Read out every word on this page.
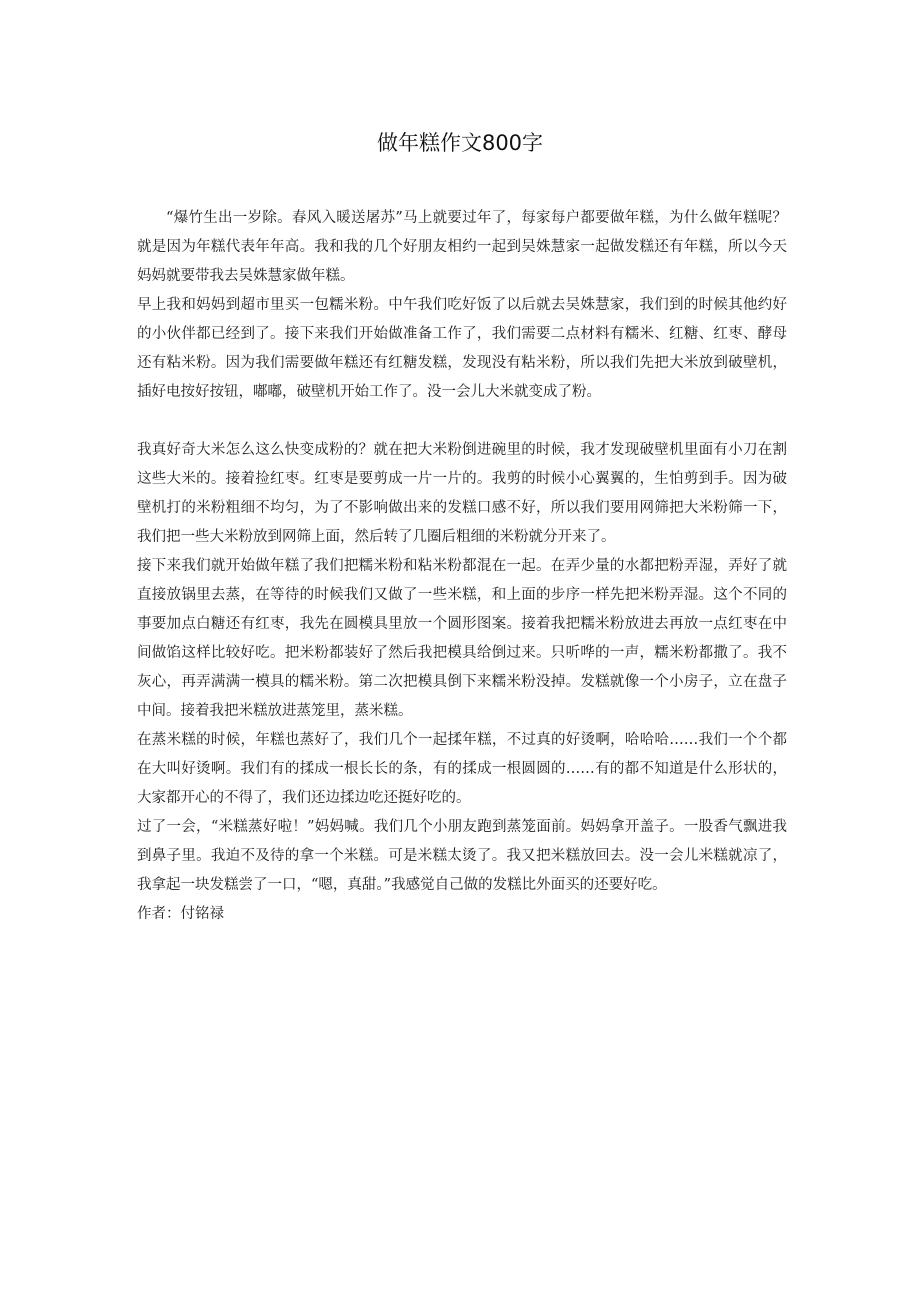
做年糕作文800字

“爆竹生出一岁除。春风入暖送屠苏”马上就要过年了，每家每户都要做年糕，为什么做年糕呢？就是因为年糕代表年年高。我和我的几个好朋友相约一起到吴姝慧家一起做发糕还有年糕，所以今天妈妈就要带我去吴姝慧家做年糕。

早上我和妈妈到超市里买一包糯米粉。中午我们吃好饭了以后就去吴姝慧家，我们到的时候其他约好的小伙伴都已经到了。接下来我们开始做准备工作了，我们需要二点材料有糯米、红糖、红枣、酵母还有粘米粉。因为我们需要做年糕还有红糖发糕，发现没有粘米粉，所以我们先把大米放到破壁机，插好电按好按钮，嘟嘟，破壁机开始工作了。没一会儿大米就变成了粉。

我真好奇大米怎么这么快变成粉的？就在把大米粉倒进碗里的时候，我才发现破壁机里面有小刀在割这些大米的。接着捡红枣。红枣是要剪成一片一片的。我剪的时候小心翼翼的，生怕剪到手。因为破壁机打的米粉粗细不均匀，为了不影响做出来的发糕口感不好，所以我们要用网筛把大米粉筛一下，我们把一些大米粉放到网筛上面，然后转了几圈后粗细的米粉就分开来了。

接下来我们就开始做年糕了我们把糯米粉和粘米粉都混在一起。在弄少量的水都把粉弄湿，弄好了就直接放锅里去蒸，在等待的时候我们又做了一些米糕，和上面的步序一样先把米粉弄湿。这个不同的事要加点白糖还有红枣，我先在圆模具里放一个圆形图案。接着我把糯米粉放进去再放一点红枣在中间做馅这样比较好吃。把米粉都装好了然后我把模具给倒过来。只听哗的一声，糯米粉都撒了。我不灰心，再弄满满一模具的糯米粉。第二次把模具倒下来糯米粉没掉。发糕就像一个小房子，立在盘子中间。接着我把米糕放进蒸笼里，蒸米糕。

在蒸米糕的时候，年糕也蒸好了，我们几个一起揉年糕，不过真的好烫啊，哈哈哈……我们一个个都在大叫好烫啊。我们有的揉成一根长长的条，有的揉成一根圆圆的……有的都不知道是什么形状的，大家都开心的不得了，我们还边揉边吃还挺好吃的。

过了一会，“米糕蒸好啦！”妈妈喊。我们几个小朋友跑到蒸笼面前。妈妈拿开盖子。一股香气飘进我到鼻子里。我迫不及待的拿一个米糕。可是米糕太烫了。我又把米糕放回去。没一会儿米糕就凉了，我拿起一块发糕尝了一口，“嗯，真甜。”我感觉自己做的发糕比外面买的还要好吃。

作者：付铭禄
